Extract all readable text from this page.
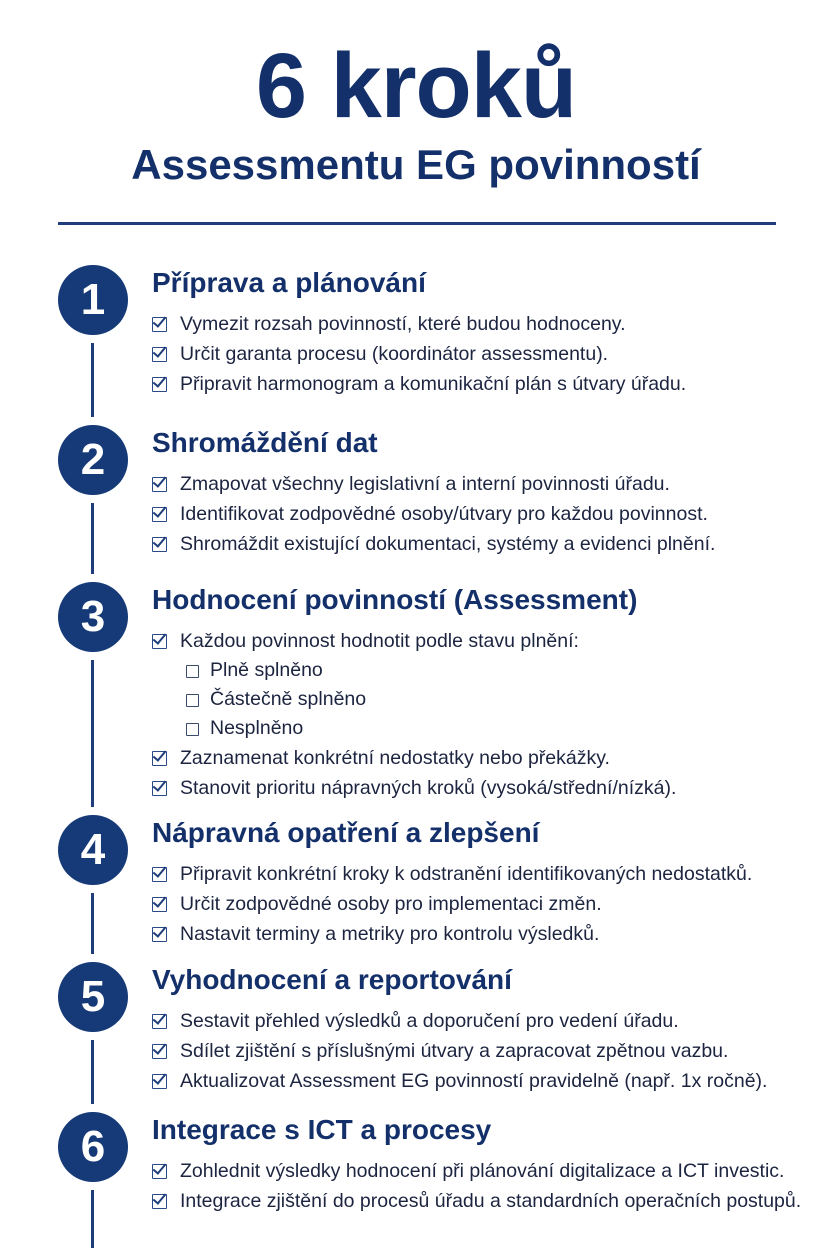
6 kroků
Assessmentu EG povinností
1	Příprava a plánování
Vymezit rozsah povinností, které budou hodnoceny.
Určit garanta procesu (koordinátor assessmentu).
Připravit harmonogram a komunikační plán s útvary úřadu.
2	Shromáždění dat
Zmapovat všechny legislativní a interní povinnosti úřadu.
Identifikovat zodpovědné osoby/útvary pro každou povinnost.
Shromáždit existující dokumentaci, systémy a evidenci plnění.
3	Hodnocení povinností (Assessment)
Každou povinnost hodnotit podle stavu plnění:
Plně splněno
Částečně splněno
Nesplněno
Zaznamenat konkrétní nedostatky nebo překážky.
Stanovit prioritu nápravných kroků (vysoká/střední/nízká).
4	Nápravná opatření a zlepšení
Připravit konkrétní kroky k odstranění identifikovaných nedostatků.
Určit zodpovědné osoby pro implementaci změn.
Nastavit terminy a metriky pro kontrolu výsledků.
5	Vyhodnocení a reportování
Sestavit přehled výsledků a doporučení pro vedení úřadu.
Sdílet zjištění s příslušnými útvary a zapracovat zpětnou vazbu.
Aktualizovat Assessment EG povinností pravidelně (např. 1x ročně).
6	Integrace s ICT a procesy
Zohlednit výsledky hodnocení při plánování digitalizace a ICT investic.
Integrace zjištění do procesů úřadu a standardních operačních postupů.
